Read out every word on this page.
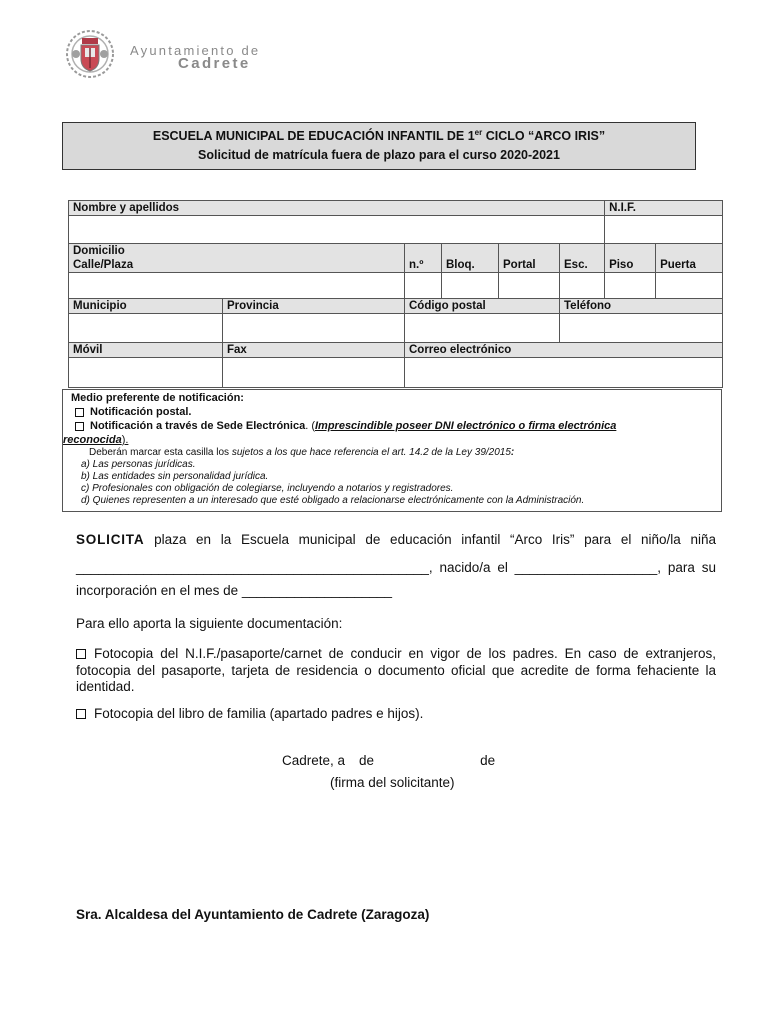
Ayuntamiento de
Cadrete
ESCUELA MUNICIPAL DE EDUCACIÓN INFANTIL DE 1er CICLO “ARCO IRIS”
Solicitud de matrícula fuera de plazo para el curso 2020-2021
Nombre y apellidos						N.I.F.	

Domicilio
Calle/Plaza		n.º	Bloq.	Portal	Esc.	Piso	Puerta

Municipio	Provincia	Código postal			Teléfono		

Móvil	Fax	Correo electrónico					

Medio preferente de notificación:
Notificación postal.
Notificación a través de Sede Electrónica . ( Imprescindible poseer DNI electrónico o firma electrónica
reconocida).
Deberán marcar esta casilla los sujetos a los que hace referencia el art. 14.2 de la Ley 39/2015:
a) Las personas jurídicas.
b) Las entidades sin personalidad jurídica.
c) Profesionales con obligación de colegiarse, incluyendo a notarios y registradores.
d) Quienes representen a un interesado que esté obligado a relacionarse electrónicamente con la Administración.
SOLICITA plaza en la Escuela municipal de educación infantil “Arco Iris” para el niño/la niña
_______________________________________________, nacido/a el ___________________, para su
incorporación en el mes de ____________________
Para ello aporta la siguiente documentación:
Fotocopia del N.I.F./pasaporte/carnet de conducir en vigor de los padres. En caso de extranjeros, fotocopia del pasaporte, tarjeta de residencia o documento oficial que acredite de forma fehaciente la identidad.
Fotocopia del libro de familia (apartado padres e hijos).
Cadrete, a de	de
(firma del solicitante)
Sra. Alcaldesa del Ayuntamiento de Cadrete (Zaragoza)
